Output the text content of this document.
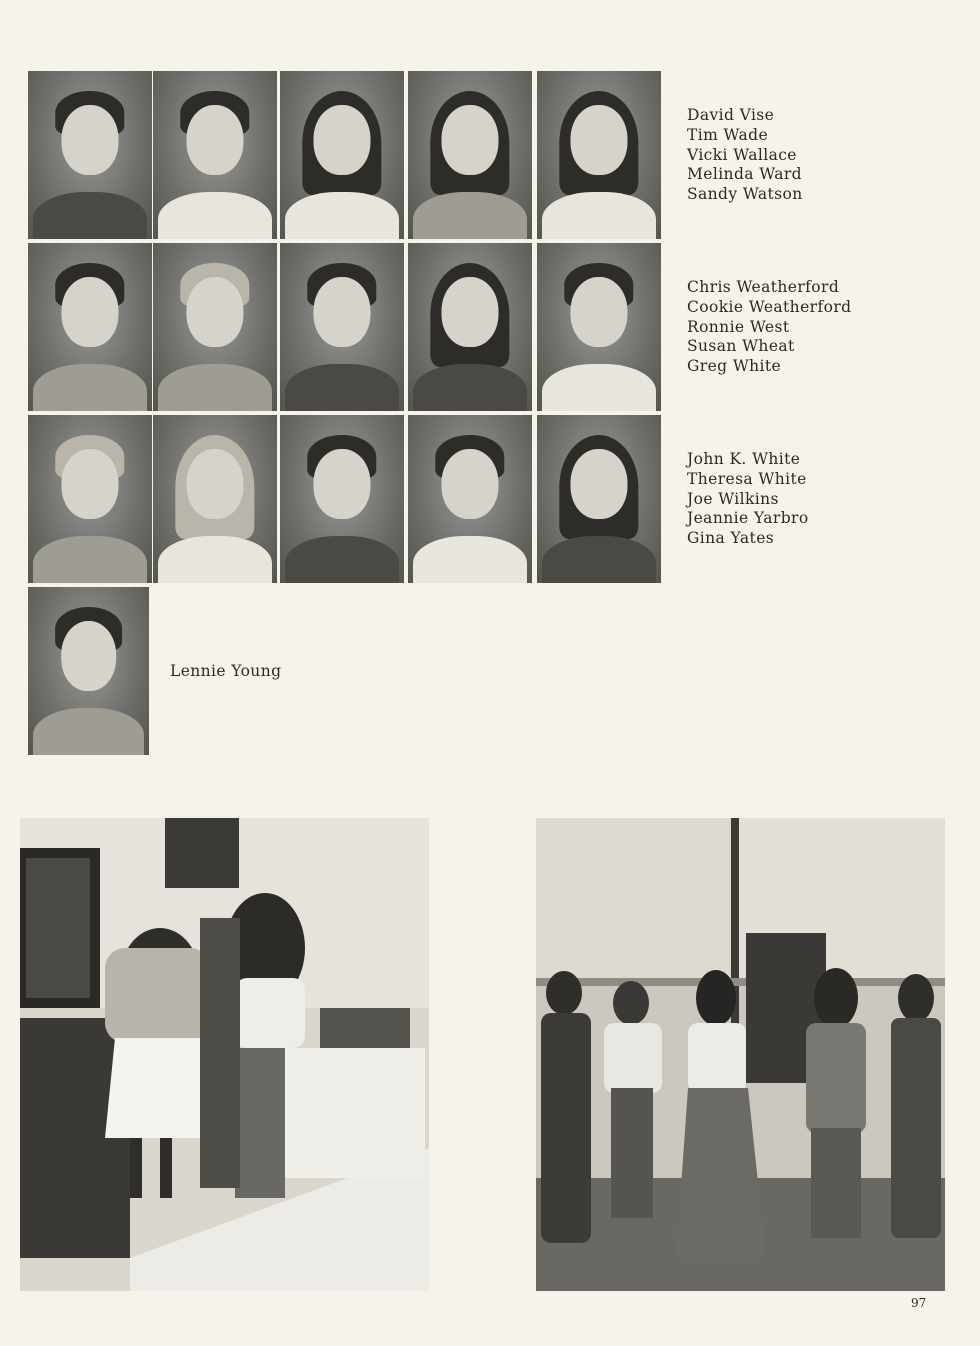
David Vise
Tim Wade
Vicki Wallace
Melinda Ward
Sandy Watson
Chris Weatherford
Cookie Weatherford
Ronnie West
Susan Wheat
Greg White
John K. White
Theresa White
Joe Wilkins
Jeannie Yarbro
Gina Yates
Lennie Young
97
